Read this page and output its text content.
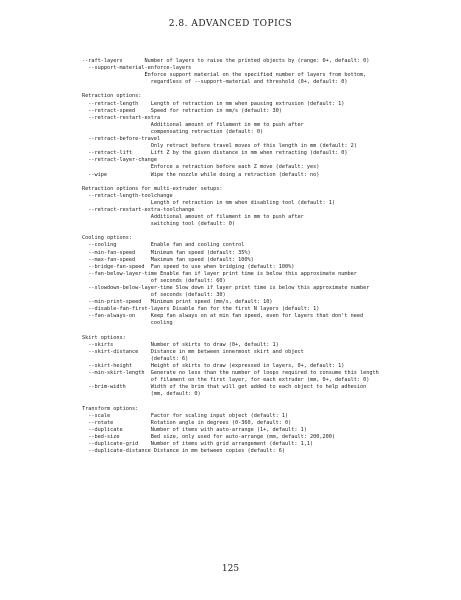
2.8. ADVANCED TOPICS
--raft-layers       Number of layers to raise the printed objects by (range: 0+, default: 0)
--support-material-enforce-layers
Enforce support material on the specified number of layers from bottom,
regardless of --support-material and threshold (0+, default: 0)
Retraction options:
--retract-length    Length of retraction in mm when pausing extrusion (default: 1)
--retract-speed     Speed for retraction in mm/s (default: 30)
--retract-restart-extra
Additional amount of filament in mm to push after
compensating retraction (default: 0)
--retract-before-travel
Only retract before travel moves of this length in mm (default: 2)
--retract-lift      Lift Z by the given distance in mm when retracting (default: 0)
--retract-layer-change
Enforce a retraction before each Z move (default: yes)
--wipe              Wipe the nozzle while doing a retraction (default: no)
Retraction options for multi-extruder setups:
--retract-length-toolchange
Length of retraction in mm when disabling tool (default: 1)
--retract-restart-extra-toolchange
Additional amount of filament in mm to push after
switching tool (default: 0)
Cooling options:
--cooling           Enable fan and cooling control
--min-fan-speed     Minimum fan speed (default: 35%)
--max-fan-speed     Maximum fan speed (default: 100%)
--bridge-fan-speed  Fan speed to use when bridging (default: 100%)
--fan-below-layer-time Enable fan if layer print time is below this approximate number
of seconds (default: 60)
--slowdown-below-layer-time Slow down if layer print time is below this approximate number
of seconds (default: 30)
--min-print-speed   Minimum print speed (mm/s, default: 10)
--disable-fan-first-layers Disable fan for the first N layers (default: 1)
--fan-always-on     Keep fan always on at min fan speed, even for layers that don't need
cooling
Skirt options:
--skirts            Number of skirts to draw (0+, default: 1)
--skirt-distance    Distance in mm between innermost skirt and object
(default: 6)
--skirt-height      Height of skirts to draw (expressed in layers, 0+, default: 1)
--min-skirt-length  Generate no less than the number of loops required to consume this length
of filament on the first layer, for each extruder (mm, 0+, default: 0)
--brim-width        Width of the brim that will get added to each object to help adhesion
(mm, default: 0)
Transform options:
--scale             Factor for scaling input object (default: 1)
--rotate            Rotation angle in degrees (0-360, default: 0)
--duplicate         Number of items with auto-arrange (1+, default: 1)
--bed-size          Bed size, only used for auto-arrange (mm, default: 200,200)
--duplicate-grid    Number of items with grid arrangement (default: 1,1)
--duplicate-distance Distance in mm between copies (default: 6)
125
